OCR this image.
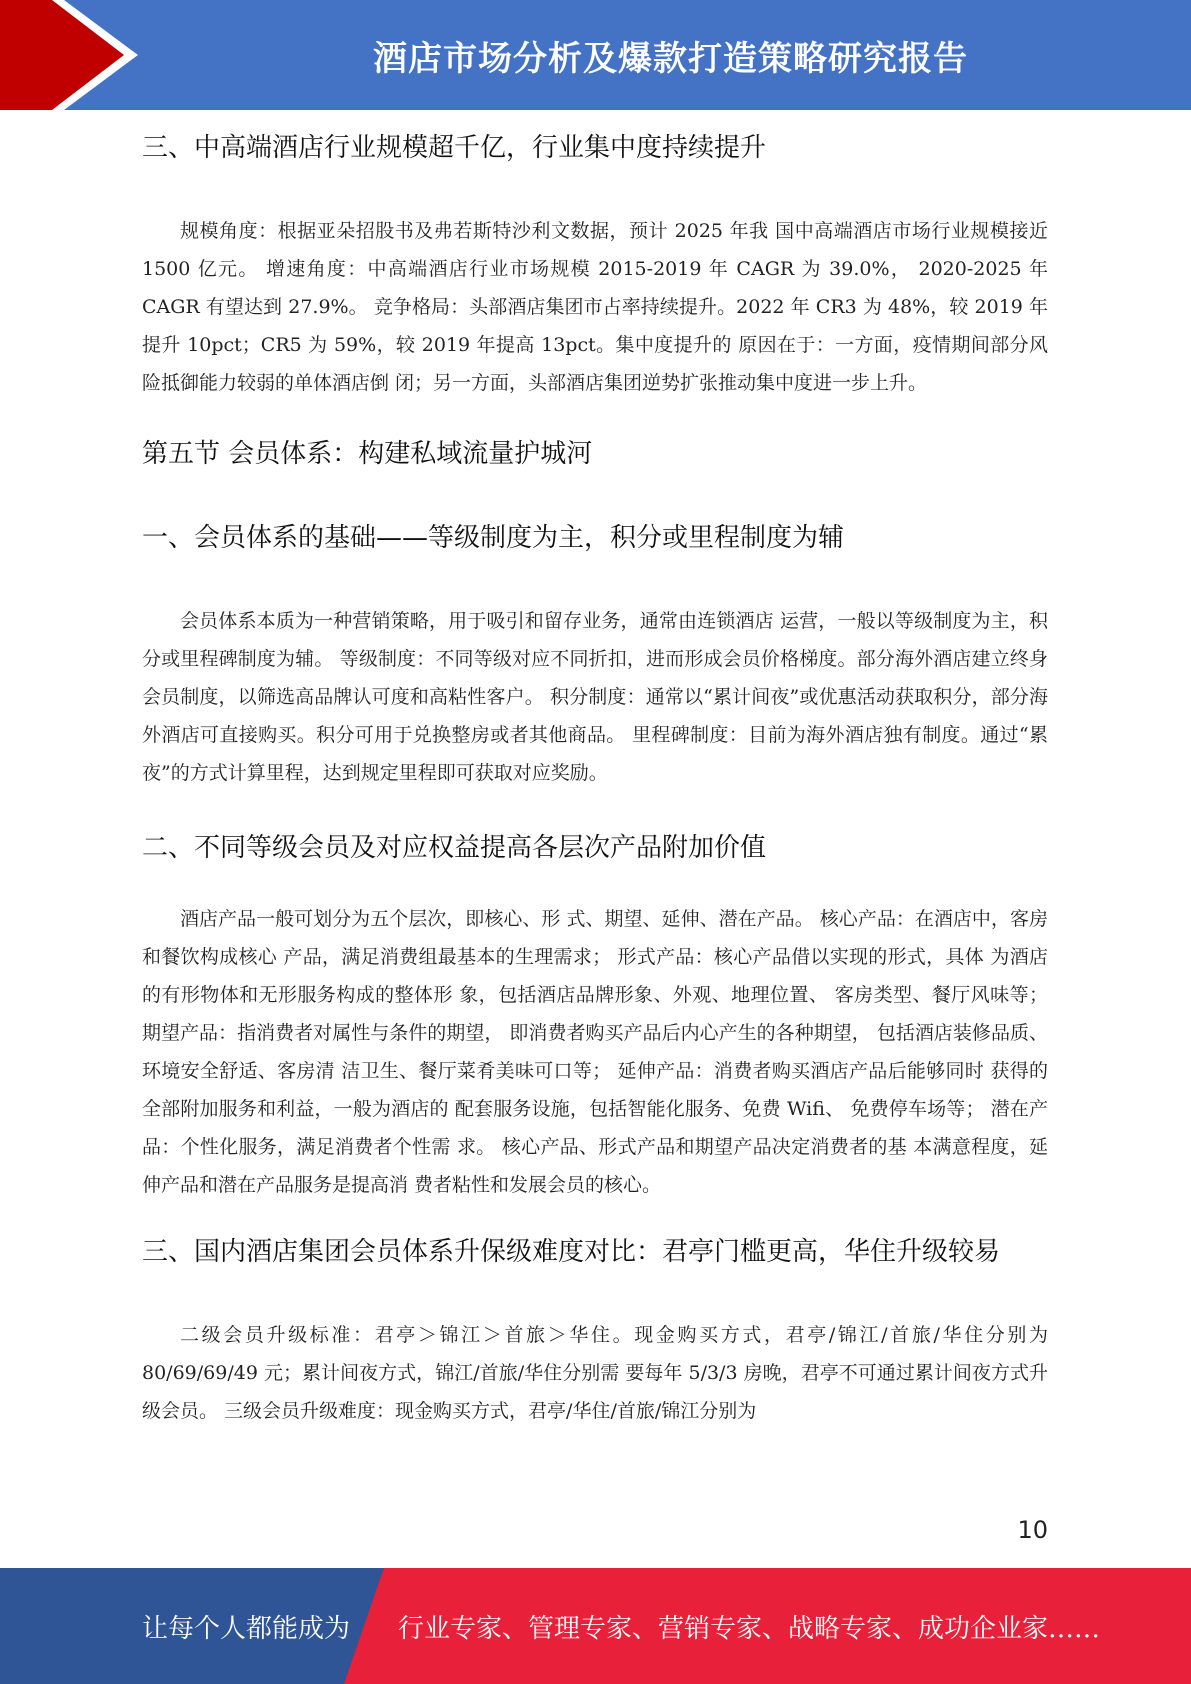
酒店市场分析及爆款打造策略研究报告
三、中高端酒店行业规模超千亿，行业集中度持续提升

规模角度：根据亚朵招股书及弗若斯特沙利文数据，预计 2025 年我 国中高端酒店市场行业规模接近 1500 亿元。 增速角度：中高端酒店行业市场规模 2015-2019 年 CAGR 为 39.0%， 2020-2025 年 CAGR 有望达到 27.9%。 竞争格局：头部酒店集团市占率持续提升。2022 年 CR3 为 48%，较 2019 年提升 10pct；CR5 为 59%，较 2019 年提高 13pct。集中度提升的 原因在于：一方面，疫情期间部分风险抵御能力较弱的单体酒店倒 闭；另一方面，头部酒店集团逆势扩张推动集中度进一步上升。

第五节 会员体系：构建私域流量护城河
一、会员体系的基础——等级制度为主，积分或里程制度为辅

会员体系本质为一种营销策略，用于吸引和留存业务，通常由连锁酒店 运营，一般以等级制度为主，积分或里程碑制度为辅。 等级制度：不同等级对应不同折扣，进而形成会员价格梯度。部分海外酒店建立终身会员制度，以筛选高品牌认可度和高粘性客户。 积分制度：通常以“累计间夜”或优惠活动获取积分，部分海外酒店可直接购买。积分可用于兑换整房或者其他商品。 里程碑制度：目前为海外酒店独有制度。通过“累夜”的方式计算里程，达到规定里程即可获取对应奖励。

二、不同等级会员及对应权益提高各层次产品附加价值

酒店产品一般可划分为五个层次，即核心、形 式、期望、延伸、潜在产品。 核心产品：在酒店中，客房和餐饮构成核心 产品，满足消费组最基本的生理需求； 形式产品：核心产品借以实现的形式，具体 为酒店的有形物体和无形服务构成的整体形 象，包括酒店品牌形象、外观、地理位置、 客房类型、餐厅风味等； 期望产品：指消费者对属性与条件的期望， 即消费者购买产品后内心产生的各种期望， 包括酒店装修品质、环境安全舒适、客房清 洁卫生、餐厅菜肴美味可口等； 延伸产品：消费者购买酒店产品后能够同时 获得的全部附加服务和利益，一般为酒店的 配套服务设施，包括智能化服务、免费 Wifi、 免费停车场等； 潜在产品：个性化服务，满足消费者个性需 求。 核心产品、形式产品和期望产品决定消费者的基 本满意程度，延伸产品和潜在产品服务是提高消 费者粘性和发展会员的核心。

三、国内酒店集团会员体系升保级难度对比：君亭门槛更高，华住升级较易

二级会员升级标准：君亭＞锦江＞首旅＞华住。现金购买方式，君亭/锦江/首旅/华住分别为 80/69/69/49 元；累计间夜方式，锦江/首旅/华住分别需 要每年 5/3/3 房晚，君亭不可通过累计间夜方式升级会员。 三级会员升级难度：现金购买方式，君亭/华住/首旅/锦江分别为

10
让每个人都能成为 行业专家、管理专家、营销专家、战略专家、成功企业家……
